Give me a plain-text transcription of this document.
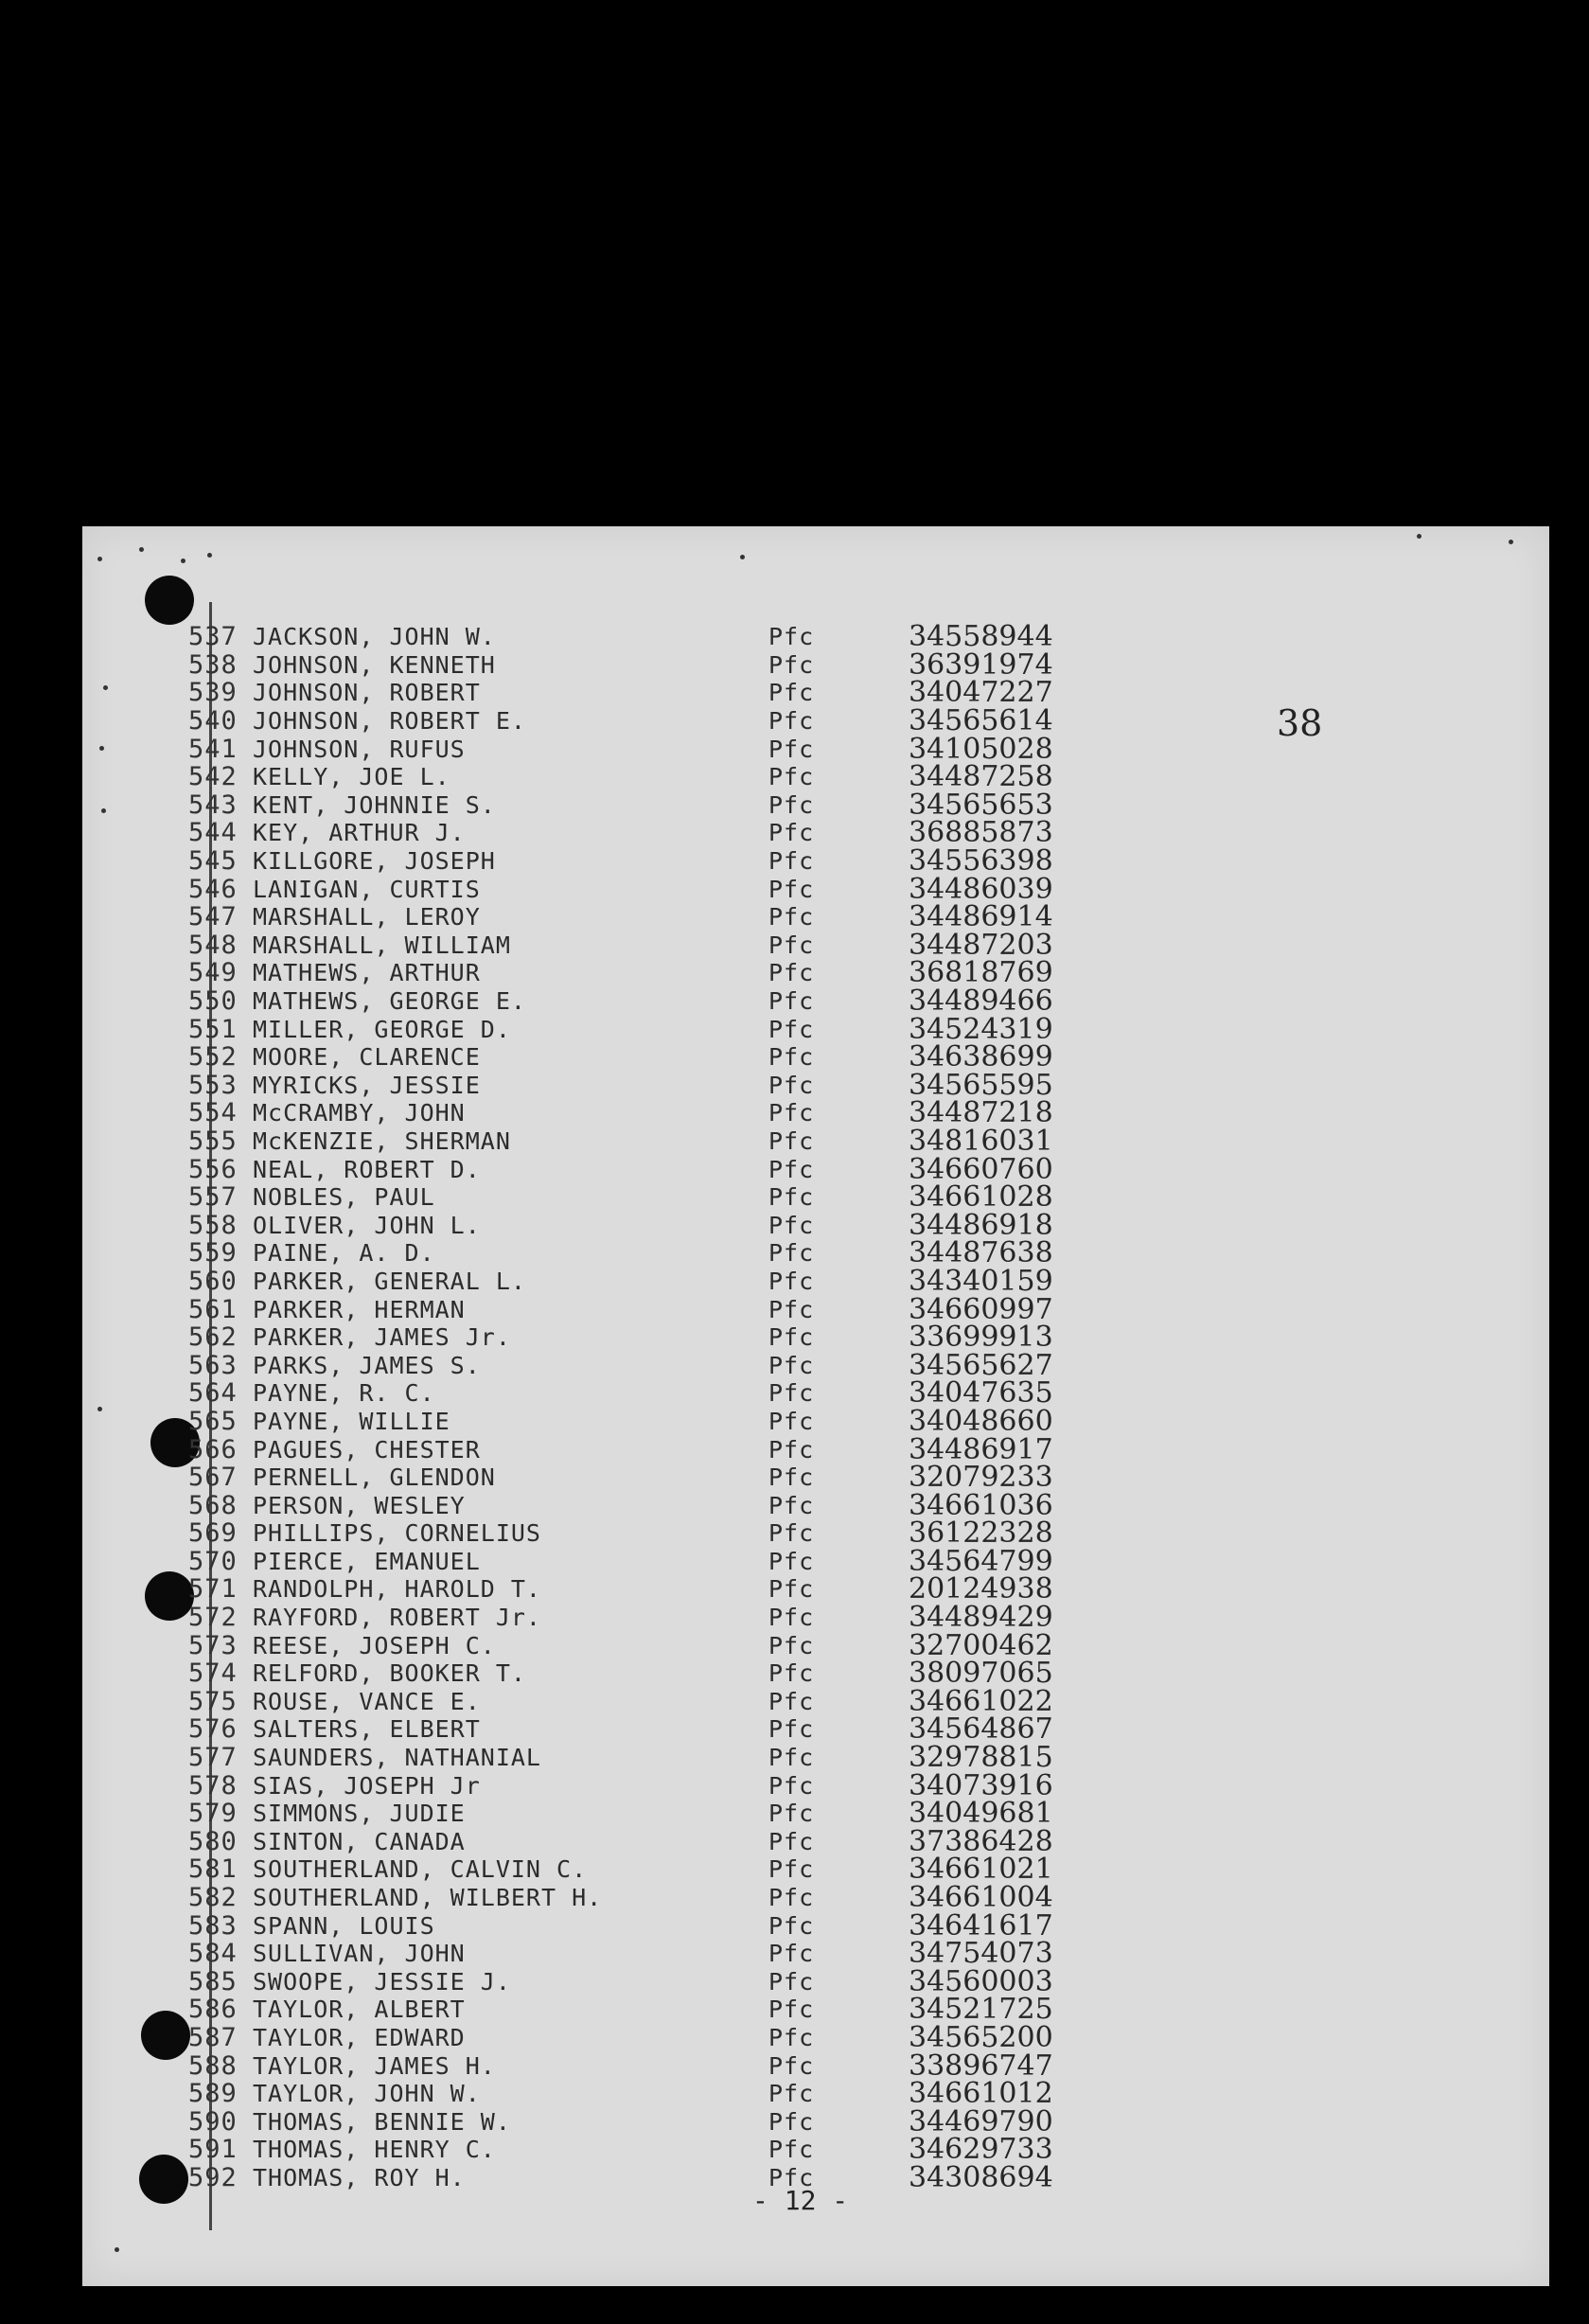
38
537 JACKSON, JOHN W.	Pfc	34558944
538 JOHNSON, KENNETH	Pfc	36391974
539 JOHNSON, ROBERT	Pfc	34047227
540 JOHNSON, ROBERT E.	Pfc	34565614
541 JOHNSON, RUFUS	Pfc	34105028
542 KELLY, JOE L.	Pfc	34487258
543 KENT, JOHNNIE S.	Pfc	34565653
544 KEY, ARTHUR J.	Pfc	36885873
545 KILLGORE, JOSEPH	Pfc	34556398
546 LANIGAN, CURTIS	Pfc	34486039
547 MARSHALL, LEROY	Pfc	34486914
548 MARSHALL, WILLIAM	Pfc	34487203
549 MATHEWS, ARTHUR	Pfc	36818769
550 MATHEWS, GEORGE E.	Pfc	34489466
551 MILLER, GEORGE D.	Pfc	34524319
552 MOORE, CLARENCE	Pfc	34638699
553 MYRICKS, JESSIE	Pfc	34565595
554 McCRAMBY, JOHN	Pfc	34487218
555 McKENZIE, SHERMAN	Pfc	34816031
556 NEAL, ROBERT D.	Pfc	34660760
557 NOBLES, PAUL	Pfc	34661028
558 OLIVER, JOHN L.	Pfc	34486918
559 PAINE, A. D.	Pfc	34487638
560 PARKER, GENERAL L.	Pfc	34340159
561 PARKER, HERMAN	Pfc	34660997
562 PARKER, JAMES Jr.	Pfc	33699913
563 PARKS, JAMES S.	Pfc	34565627
564 PAYNE, R. C.	Pfc	34047635
565 PAYNE, WILLIE	Pfc	34048660
566 PAGUES, CHESTER	Pfc	34486917
567 PERNELL, GLENDON	Pfc	32079233
568 PERSON, WESLEY	Pfc	34661036
569 PHILLIPS, CORNELIUS	Pfc	36122328
570 PIERCE, EMANUEL	Pfc	34564799
571 RANDOLPH, HAROLD T.	Pfc	20124938
572 RAYFORD, ROBERT Jr.	Pfc	34489429
573 REESE, JOSEPH C.	Pfc	32700462
574 RELFORD, BOOKER T.	Pfc	38097065
575 ROUSE, VANCE E.	Pfc	34661022
576 SALTERS, ELBERT	Pfc	34564867
577 SAUNDERS, NATHANIAL	Pfc	32978815
578 SIAS, JOSEPH Jr	Pfc	34073916
579 SIMMONS, JUDIE	Pfc	34049681
580 SINTON, CANADA	Pfc	37386428
581 SOUTHERLAND, CALVIN C.	Pfc	34661021
582 SOUTHERLAND, WILBERT H.	Pfc	34661004
583 SPANN, LOUIS	Pfc	34641617
584 SULLIVAN, JOHN	Pfc	34754073
585 SWOOPE, JESSIE J.	Pfc	34560003
586 TAYLOR, ALBERT	Pfc	34521725
587 TAYLOR, EDWARD	Pfc	34565200
588 TAYLOR, JAMES H.	Pfc	33896747
589 TAYLOR, JOHN W.	Pfc	34661012
590 THOMAS, BENNIE W.	Pfc	34469790
591 THOMAS, HENRY C.	Pfc	34629733
592 THOMAS, ROY H.	Pfc	34308694
- 12 -
